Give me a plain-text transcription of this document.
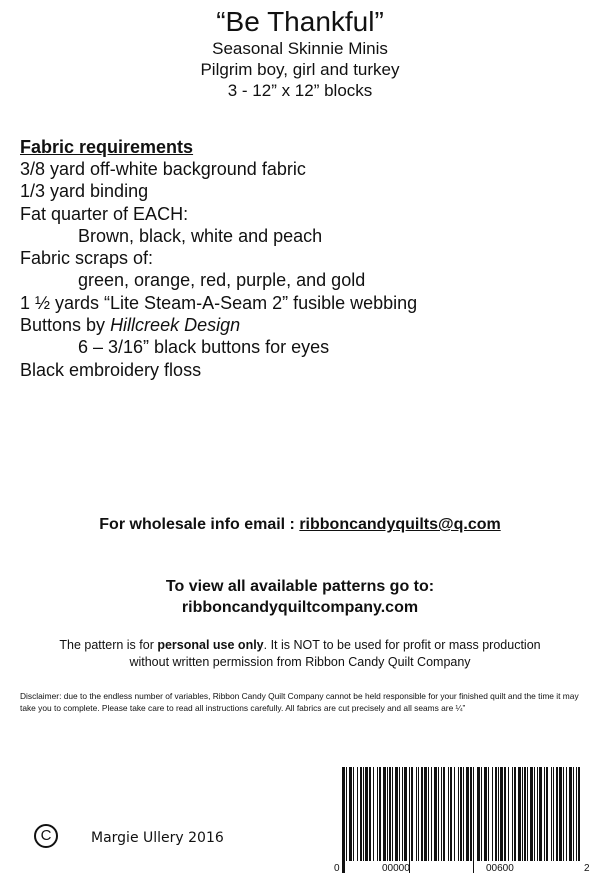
“Be Thankful”
Seasonal Skinnie Minis
Pilgrim boy, girl and turkey
3 - 12” x 12” blocks
Fabric requirements
3/8 yard off-white background fabric
1/3 yard binding
Fat quarter of EACH:
Brown, black, white and peach
Fabric scraps of:
green, orange, red, purple, and gold
1 ½ yards “Lite Steam-A-Seam 2” fusible webbing
Buttons by Hillcreek Design
6 – 3/16” black buttons for eyes
Black embroidery floss
For wholesale info email : ribboncandyquilts@q.com
To view all available patterns go to:
ribboncandyquiltcompany.com
The pattern is for personal use only. It is NOT to be used for profit or mass production without written permission from Ribbon Candy Quilt Company
Disclaimer: due to the endless number of variables, Ribbon Candy Quilt Company cannot be held responsible for your finished quilt and the time it may take you to complete. Please take care to read all instructions carefully. All fabrics are cut precisely and all seams are ¼”
C	Margie Ullery 2016
0	00000	00600	2
